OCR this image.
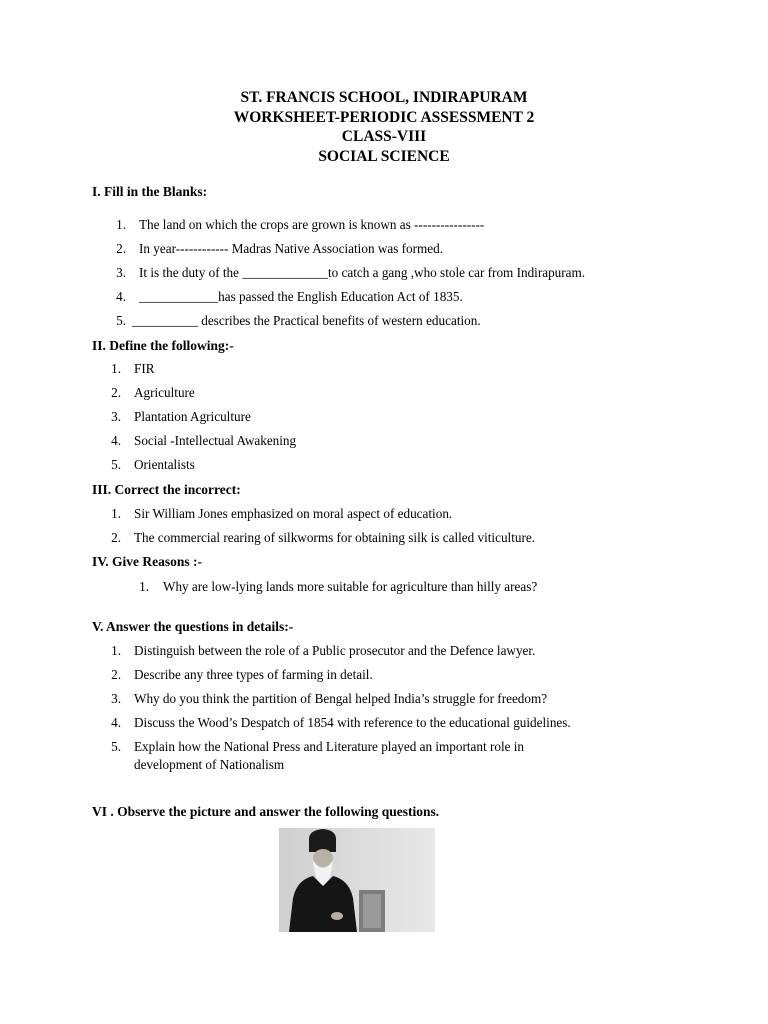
ST. FRANCIS SCHOOL, INDIRAPURAM
WORKSHEET-PERIODIC ASSESSMENT 2
CLASS-VIII
SOCIAL SCIENCE
I. Fill in the Blanks:
1. The land on which the crops are grown is known as ----------------
2. In year------------ Madras Native Association was formed.
3. It is the duty of the _____________to catch a gang ,who stole car from Indirapuram.
4. ____________has passed the English Education Act of 1835.
5. __________ describes the Practical benefits of western education.
II. Define the following:-
1. FIR
2. Agriculture
3. Plantation Agriculture
4. Social -Intellectual Awakening
5. Orientalists
III. Correct the incorrect:
1. Sir William Jones emphasized on moral aspect of education.
2. The commercial rearing of silkworms for obtaining silk is called viticulture.
IV. Give Reasons :-
1. Why are low-lying lands more suitable for agriculture than hilly areas?
V. Answer the questions in details:-
1. Distinguish between the role of a Public prosecutor and the Defence lawyer.
2. Describe any three types of farming in detail.
3. Why do you think the partition of Bengal helped India’s struggle for freedom?
4. Discuss the Wood’s Despatch of 1854 with reference to the educational guidelines.
5. Explain how the National Press and Literature played an important role in
development of Nationalism
VI . Observe the picture and answer the following questions.
